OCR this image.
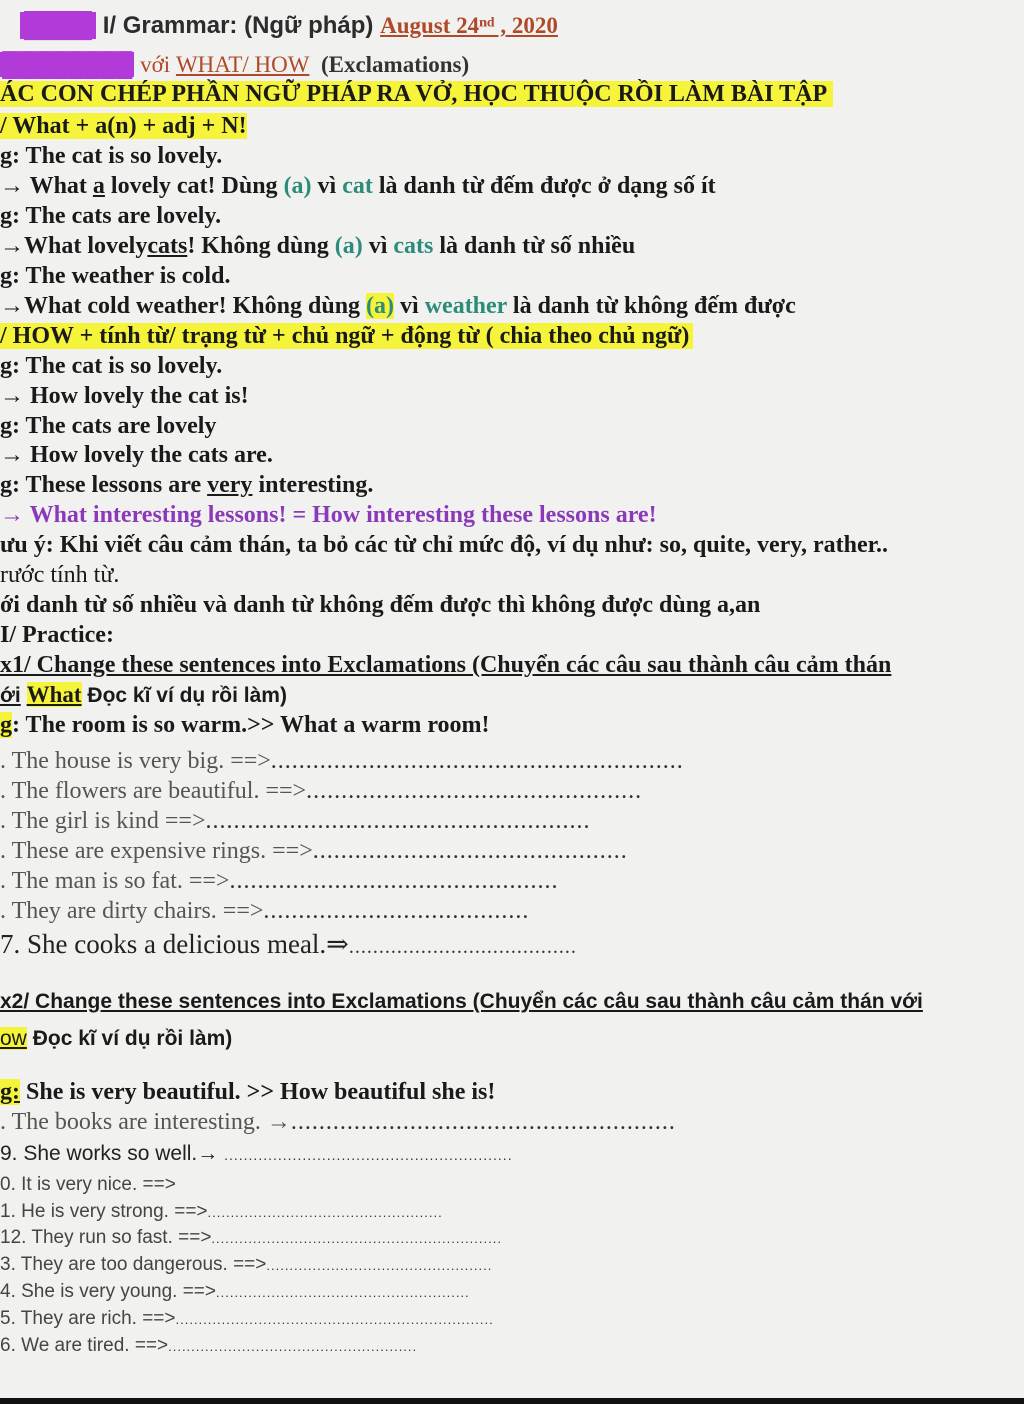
████ I/ Grammar: (Ngữ pháp) August 24ⁿᵈ , 2020
████████ với WHAT/ HOW (Exclamations)
ÁC CON CHÉP PHẦN NGỮ PHÁP RA VỞ, HỌC THUỘC RỒI LÀM BÀI TẬP
/ What + a(n) + adj + N!
g: The cat is so lovely.
→ What a lovely cat! Dùng (a) vì cat là danh từ đếm được ở dạng số ít
g: The cats are lovely.
→What lovelycats! Không dùng (a) vì cats là danh từ số nhiều
g: The weather is cold.
→What cold weather! Không dùng (a) vì weather là danh từ không đếm được
/ HOW + tính từ/ trạng từ + chủ ngữ + động từ ( chia theo chủ ngữ)
g: The cat is so lovely.
→ How lovely the cat is!
g: The cats are lovely
→ How lovely the cats are.
g: These lessons are very interesting.
→ What interesting lessons! = How interesting these lessons are!
ưu ý: Khi viết câu cảm thán, ta bỏ các từ chỉ mức độ, ví dụ như: so, quite, very, rather..
rước tính từ.
ới danh từ số nhiều và danh từ không đếm được thì không được dùng a,an
I/ Practice:
x1/ Change these sentences into Exclamations (Chuyển các câu sau thành câu cảm thán
ới What Đọc kĩ ví dụ rồi làm)
g: The room is so warm.>> What a warm room!
. The house is very big. ==>...........................................................
. The flowers are beautiful. ==>................................................
. The girl is kind ==>.......................................................
. These are expensive rings. ==>.............................................
. The man is so fat. ==>...............................................
. They are dirty chairs. ==>......................................
7. She cooks a delicious meal.⇒......................................
x2/ Change these sentences into Exclamations (Chuyển các câu sau thành câu cảm thán với
ow Đọc kĩ ví dụ rồi làm)
g: She is very beautiful. >> How beautiful she is!
. The books are interesting. →.......................................................
9. She works so well.→ ...........................................................
0. It is very nice. ==>
1. He is very strong. ==>...................................................
12. They run so fast. ==>...............................................................
3. They are too dangerous. ==>.................................................
4. She is very young. ==>.......................................................
5. They are rich. ==>.....................................................................
6. We are tired. ==>......................................................
